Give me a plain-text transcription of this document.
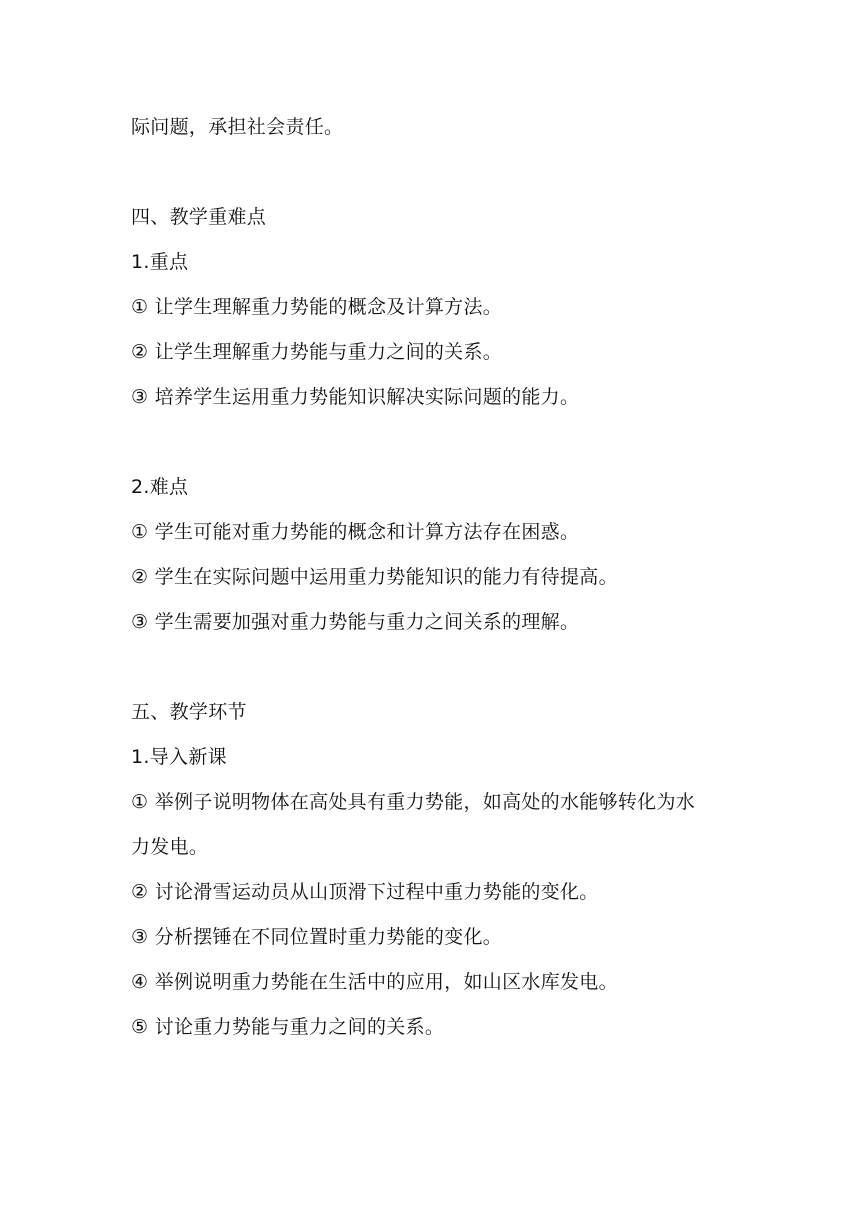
际问题，承担社会责任。
四、教学重难点
1.重点
① 让学生理解重力势能的概念及计算方法。
② 让学生理解重力势能与重力之间的关系。
③ 培养学生运用重力势能知识解决实际问题的能力。
2.难点
① 学生可能对重力势能的概念和计算方法存在困惑。
② 学生在实际问题中运用重力势能知识的能力有待提高。
③ 学生需要加强对重力势能与重力之间关系的理解。
五、教学环节
1.导入新课
① 举例子说明物体在高处具有重力势能，如高处的水能够转化为水
力发电。
② 讨论滑雪运动员从山顶滑下过程中重力势能的变化。
③ 分析摆锤在不同位置时重力势能的变化。
④ 举例说明重力势能在生活中的应用，如山区水库发电。
⑤ 讨论重力势能与重力之间的关系。
